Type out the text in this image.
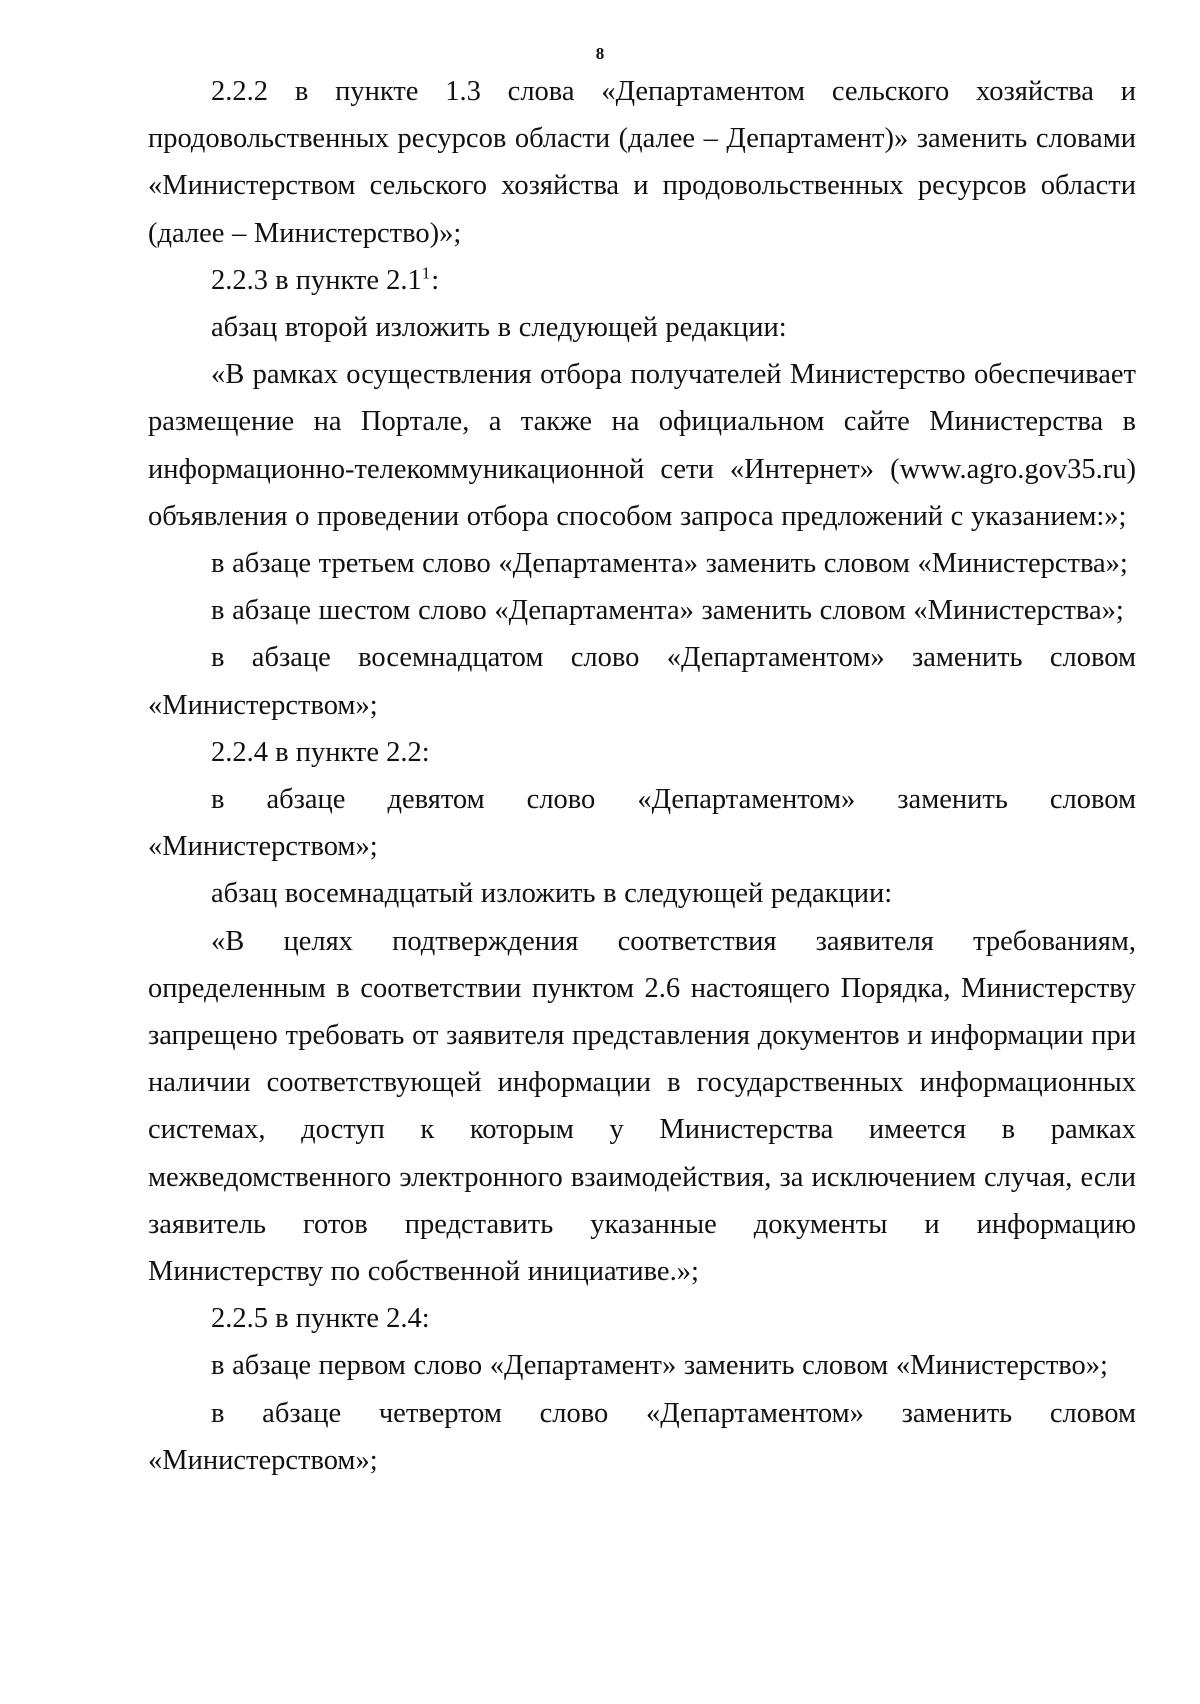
8

2.2.2 в пункте 1.3 слова «Департаментом сельского хозяйства и продовольственных ресурсов области (далее – Департамент)» заменить словами «Министерством сельского хозяйства и продовольственных ресурсов области (далее – Министерство)»;

2.2.3 в пункте $2.1^1$:

абзац второй изложить в следующей редакции:

«В рамках осуществления отбора получателей Министерство обеспечивает размещение на Портале, а также на официальном сайте Министерства в информационно-телекоммуникационной сети «Интернет» (www.agro.gov35.ru) объявления о проведении отбора способом запроса предложений с указанием:»;

в абзаце третьем слово «Департамента» заменить словом «Министерства»;

в абзаце шестом слово «Департамента» заменить словом «Министерства»;

в абзаце восемнадцатом слово «Департаментом» заменить словом «Министерством»;

2.2.4 в пункте 2.2:

в абзаце девятом слово «Департаментом» заменить словом «Министерством»;

абзац восемнадцатый изложить в следующей редакции:

«В целях подтверждения соответствия заявителя требованиям, определенным в соответствии пунктом 2.6 настоящего Порядка, Министерству запрещено требовать от заявителя представления документов и информации при наличии соответствующей информации в государственных информационных системах, доступ к которым у Министерства имеется в рамках межведомственного электронного взаимодействия, за исключением случая, если заявитель готов представить указанные документы и информацию Министерству по собственной инициативе.»;

2.2.5 в пункте 2.4:

в абзаце первом слово «Департамент» заменить словом «Министерство»;

в абзаце четвертом слово «Департаментом» заменить словом «Министерством»;
